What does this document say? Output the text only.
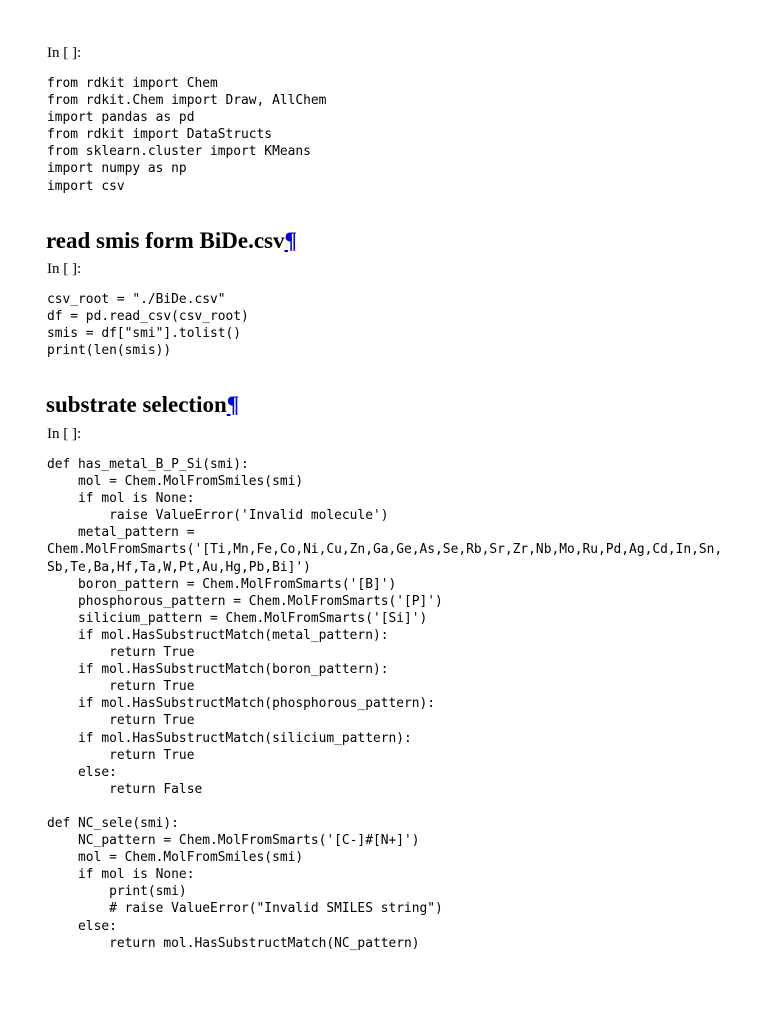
In [ ]:
from rdkit import Chem
from rdkit.Chem import Draw, AllChem
import pandas as pd
from rdkit import DataStructs
from sklearn.cluster import KMeans
import numpy as np
import csv
read smis form BiDe.csv¶
In [ ]:
csv_root = "./BiDe.csv"
df = pd.read_csv(csv_root)
smis = df["smi"].tolist()
print(len(smis))
substrate selection¶
In [ ]:
def has_metal_B_P_Si(smi):
mol = Chem.MolFromSmiles(smi)
if mol is None:
raise ValueError('Invalid molecule')
metal_pattern =
Chem.MolFromSmarts('[Ti,Mn,Fe,Co,Ni,Cu,Zn,Ga,Ge,As,Se,Rb,Sr,Zr,Nb,Mo,Ru,Pd,Ag,Cd,In,Sn,
Sb,Te,Ba,Hf,Ta,W,Pt,Au,Hg,Pb,Bi]')
boron_pattern = Chem.MolFromSmarts('[B]')
phosphorous_pattern = Chem.MolFromSmarts('[P]')
silicium_pattern = Chem.MolFromSmarts('[Si]')
if mol.HasSubstructMatch(metal_pattern):
return True
if mol.HasSubstructMatch(boron_pattern):
return True
if mol.HasSubstructMatch(phosphorous_pattern):
return True
if mol.HasSubstructMatch(silicium_pattern):
return True
else:
return False

def NC_sele(smi):
NC_pattern = Chem.MolFromSmarts('[C-]#[N+]')
mol = Chem.MolFromSmiles(smi)
if mol is None:
print(smi)
# raise ValueError("Invalid SMILES string")
else:
return mol.HasSubstructMatch(NC_pattern)
